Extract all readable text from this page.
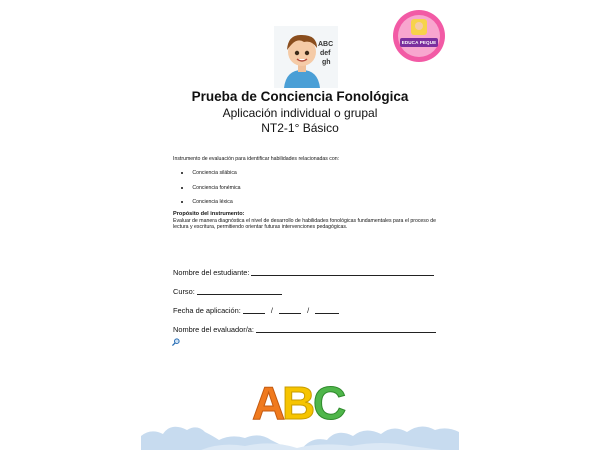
ABC
def
gh
EDUCA PEQUE
Prueba de Conciencia Fonológica
Aplicación individual o grupal
NT2-1° Básico
Instrumento de evaluación para identificar habilidades relacionadas con:
Conciencia silábica
Conciencia fonémica
Conciencia léxica
Propósito del instrumento:
Evaluar de manera diagnóstica el nivel de desarrollo de habilidades fonológicas fundamentales para el proceso de lectura y escritura, permitiendo orientar futuras intervenciones pedagógicas.
Nombre del estudiante:
Curso:
Fecha de aplicación:	/	/
Nombre del evaluador/a:
A
B
C
